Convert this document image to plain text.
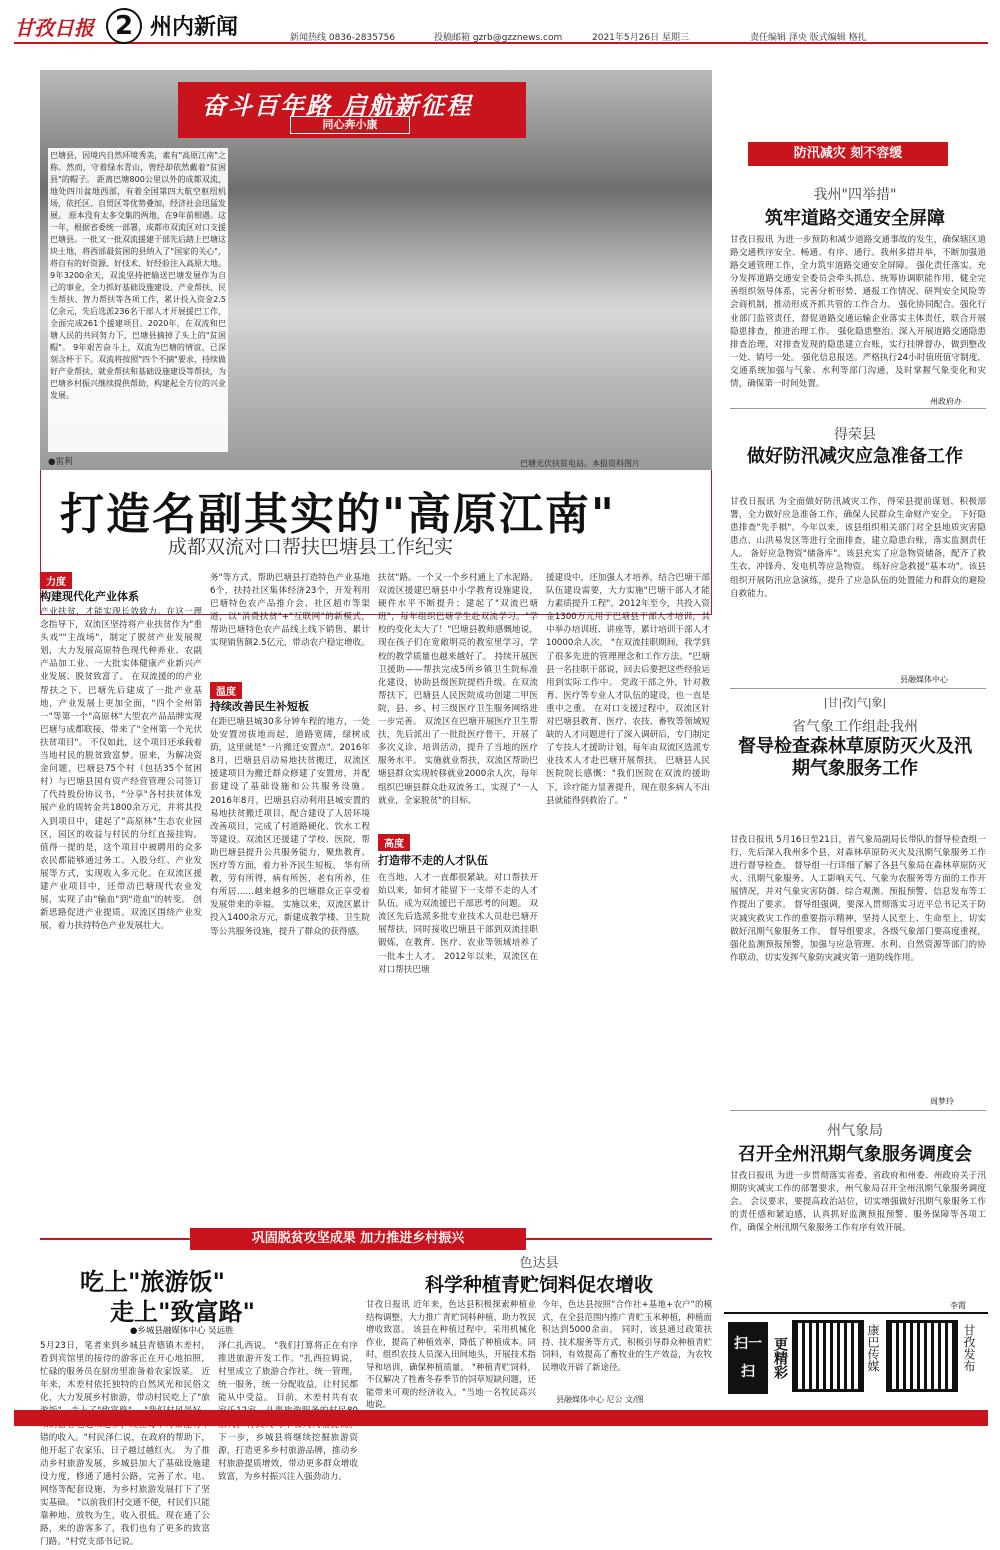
甘孜日报 2 州内新闻	新闻热线 0836-2835756	投稿邮箱 gzrb@gzznews.com	2021年5月26日 星期三	责任编辑 泽央 版式编辑 格扎
奋斗百年路 启航新征程
同心奔小康
巴塘县，因境内自然环境秀美，素有"高原江南"之称。然而，守着绿水青山，曾经却依然戴着"贫困县"的帽子。 距离巴塘800公里以外的成都双流，地处四川盆地西部，有着全国第四大航空枢纽机场，依托区、自贸区等优势叠加，经济社会迅猛发展。 原本没有太多交集的两地，在9年前相遇。这一年，根据省委统一部署，成都市双流区对口支援巴塘县。一批又一批双流援建干部先后踏上巴塘这块土地，将西部最贫困的县纳入了"国家的关心"，将自有的好资源、好技术、好经验注入高原大地。 9年3200余天，双流坚持把输送巴塘发展作为自己的事业，全力抓好基础设施建设、产业帮扶、民生帮扶、智力帮扶等各项工作，累计投入资金2.5亿余元，先后选派236名干部人才开展援巴工作，全面完成261个援建项目。2020年，在双流和巴塘人民的共同努力下，巴塘县摘掉了头上的"贫困帽"。 9年艰苦奋斗上，双流为巴塘的情谊，已深刻含杯于下。双流将按照"四个不摘"要求，持续做好产业帮扶、就业帮扶和基础设施建设等帮扶，为巴塘乡村振兴继续提供帮助，构建起全方位的兴业发展。
●雷利	巴塘光伏扶贫电站。本报资料图片
打造名副其实的"高原江南"
成都双流对口帮扶巴塘县工作纪实
力度
构建现代化产业体系
产业扶贫，才能实现长效致力。在这一理念指导下，双流区坚持将产业扶贫作为"重头戏""主战场"，制定了脱贫产业发展规划，大力发展高原特色现代种养业、农副产品加工业、一大批实体健康产业新兴产业发展、脱贫致富了。 在双流援的的产业帮扶之下，巴塘先后建成了一批产业基地，产业发展上更加全面，"四个全州第一"等第一个"高原林"大型农产品品牌实现巴塘与成都联接，带来了"全州第一个光伏扶贫项目"。 不仅如此，这个项目还承载着当地村民的脱贫致富梦。原来，为解决资金问题，巴塘县75个村（包括35个贫困村）与巴塘县国有资产经营管理公司签订了代持股份协议书，"分享"各村扶贫体发展产业的周转金共1800余万元，并将其投入到项目中，建起了"高原林"生态农业园区，园区的收益与村民的分红直接挂钩。 值得一提的是，这个项目中被聘用的众多农民都能够通过务工、入股分红、产业发展等方式，实现收入多元化。在双流区援建产业项目中，还带动巴塘现代农业发展，实现了由"输血"到"造血"的转变。 创新思路促进产业提质。双流区围绕产业发展，着力扶持特色产业发展壮大。
务"等方式，帮助巴塘县打造特色产业基地6个，扶持社区集体经济23个，开发利用巴塘特色农产品推介会、社区超市等渠道，以"消费扶贫"+"互联网"的新模式，帮助巴塘特色农产品线上线下销售，累计实现销售额2.5亿元，带动农户稳定增收。
温度
持续改善民生补短板
在距巴塘县城30多分钟车程的地方，一处处安置房拔地而起，道路宽阔，绿树成荫，这里就是"一片搬迁安置点"。2016年8月，巴塘县启动易地扶贫搬迁，双流区援建项目为搬迁群众修建了安置房，并配套建设了基础设施和公共服务设施。 2016年8月，巴塘县启动利用县城安置的易地扶贫搬迁项目，配合建设了人居环境改善项目，完成了村道路硬化、饮水工程等建设。双流区还援建了学校、医院，帮助巴塘县提升公共服务能力，聚焦教育、医疗等方面，着力补齐民生短板。 华有所教，劳有所得，病有所医，老有所养，住有所居……越来越多的巴塘群众正享受着发展带来的幸福。 实施以来，双流区累计投入1400余万元，新建成教学楼、卫生院等公共服务设施，提升了群众的获得感。
扶贫"路。一个又一个乡村通上了水泥路。 双流区援建巴塘县中小学教育设施建设，硬件水平不断提升；建起了"双流巴塘班"，每年组织巴塘学生赴双流学习。"学校的变化太大了！"巴塘县教师感慨地说，现在孩子们在宽敞明亮的教室里学习，学校的教学质量也越来越好了。 持续开展医卫援助——帮扶完成5所乡镇卫生院标准化建设，协助县级医院提档升级。在双流帮扶下，巴塘县人民医院成功创建二甲医院，县、乡、村三级医疗卫生服务网络进一步完善。 双流区在巴塘开展医疗卫生帮扶，先后派出了一批批医疗骨干，开展了多次义诊、培训活动，提升了当地的医疗服务水平。 实施就业帮扶，双流区帮助巴塘县群众实现转移就业2000余人次，每年组织巴塘县群众赴双流务工，实现了"一人就业，全家脱贫"的目标。
高度
打造带不走的人才队伍
在当地，人才一直都很紧缺。对口帮扶开始以来，如何才能留下一支带不走的人才队伍，成为双流援巴干部思考的问题。 双流区先后选派多批专业技术人员赴巴塘开展帮扶，同时接收巴塘县干部到双流挂职锻炼，在教育、医疗、农业等领域培养了一批本土人才。 2012年以来，双流区在对口帮扶巴塘
援建设中，还加强人才培养，结合巴塘干部队伍建设需要，大力实施"巴塘干部人才能力素质提升工程"。2012年至今，共投入资金1300万元用于巴塘县干部人才培训，其中举办培训班、讲座等，累计培训干部人才10000余人次。 "在双流挂职期间，我学到了很多先进的管理理念和工作方法。"巴塘县一名挂职干部说，回去后要把这些经验运用到实际工作中。 党政干部之外，针对教育、医疗等专业人才队伍的建设，也一直是重中之重。 在对口支援过程中，双流区针对巴塘县教育、医疗、农技、畜牧等领域短缺的人才问题进行了深入调研后，专门制定了专技人才援助计划，每年由双流区选派专业技术人才赴巴塘开展帮扶。 巴塘县人民医院院长感慨："我们医院在双流的援助下，诊疗能力显著提升，现在很多病人不出县就能得到救治了。"
防汛减灾 刻不容缓
我州"四举措"
筑牢道路交通安全屏障
甘孜日报讯 为进一步预防和减少道路交通事故的发生，确保辖区道路交通秩序安全、畅通、有序、通行。我州多措并举，不断加强道路交通管理工作，全力筑牢道路交通安全屏障。 强化责任落实。充分发挥道路交通安全委员会牵头抓总、统筹协调职能作用，健全完善组织领导体系，完善分析形势、通报工作情况、研判安全风险等会商机制，推动形成齐抓共管的工作合力。 强化协同配合。强化行业部门监管责任，督促道路交通运输企业落实主体责任，联合开展隐患排查，推进治理工作。 强化隐患整治。深入开展道路交通隐患排查治理，对排查发现的隐患建立台账，实行挂牌督办，做到整改一处、销号一处。 强化信息报送。严格执行24小时值班值守制度，交通系统加强与气象、水利等部门沟通，及时掌握气象变化和灾情，确保第一时间处置。
州政府办
得荣县
做好防汛减灾应急准备工作
甘孜日报讯 为全面做好防汛减灾工作，得荣县提前谋划、积极部署，全力做好应急准备工作，确保人民群众生命财产安全。 下好隐患排查"先手棋"。今年以来，该县组织相关部门对全县地质灾害隐患点、山洪易发区等进行全面排查，建立隐患台账，落实监测责任人。 备好应急物资"储备库"。该县充实了应急物资储备，配齐了救生衣、冲锋舟、发电机等应急物资。 练好应急救援"基本功"。该县组织开展防汛应急演练，提升了应急队伍的处置能力和群众的避险自救能力。
县融媒体中心
|甘|孜|气|象|
省气象工作组赴我州
督导检查森林草原防灭火及汛期气象服务工作
甘孜日报讯 5月16日至21日，省气象局副局长带队的督导检查组一行，先后深入我州多个县，对森林草原防灭火及汛期气象服务工作进行督导检查。 督导组一行详细了解了各县气象局在森林草原防灭火、汛期气象服务、人工影响天气、气象为农服务等方面的工作开展情况，并对气象灾害防御、综合观测、预报预警、信息发布等工作提出了要求。 督导组强调，要深入贯彻落实习近平总书记关于防灾减灾救灾工作的重要指示精神，坚持人民至上、生命至上，切实做好汛期气象服务工作。 督导组要求，各级气象部门要高度重视，强化监测预报预警，加强与应急管理、水利、自然资源等部门的协作联动，切实发挥气象防灾减灾第一道防线作用。
周梦玲
州气象局
召开全州汛期气象服务调度会
甘孜日报讯 为进一步贯彻落实省委、省政府和州委、州政府关于汛期防灾减灾工作的部署要求，州气象局召开全州汛期气象服务调度会。 会议要求，要提高政治站位，切实增强做好汛期气象服务工作的责任感和紧迫感，认真抓好监测预报预警、服务保障等各项工作，确保全州汛期气象服务工作有序有效开展。
李霞
扫一扫	更精彩	康巴传媒	甘孜发布
巩固脱贫攻坚成果 加力推进乡村振兴
吃上"旅游饭"
走上"致富路"
●乡城县融媒体中心 吴远胜
5月23日，笔者来到乡城县青德镇木差村，看到宾馆里的接待的游客正在开心地拍照，忙碌的服务员在厨房里准备着农家饭菜。 近年来，木差村依托独特的自然风光和民俗文化，大力发展乡村旅游，带动村民吃上了"旅 错的收入。"村民泽仁说，在政府的帮助下，他开起了农家乐，日子越过越红火。 为了推动乡村旅游发展，乡城县加大了基础设施建设力度，修通了通村公路，完善了水、电、网络等配套设施，为乡村旅游发展打下了坚实基础。 "以前我们村交通不便，村民们只能靠种地、放牧为生，收入很低。现在通了公路，来的游客多了，我们也有了更多的致富门路。"村党支部书记说。
泽仁扎西说。 "我们打算将正在有序推进旅游开发工作。"扎西拉姆说，村里成立了旅游合作社，统一管理，统一服务，统一分配收益，让村民都能从中受益。 目前，木差村共有农 下一步，乡城县将继续挖掘旅游资源，打造更多乡村旅游品牌，推动乡村旅游提质增效，带动更多群众增收致富，为乡村振兴注入强劲动力。
色达县
科学种植青贮饲料促农增收
甘孜日报讯 近年来，色达县积极探索种植业结构调整，大力推广青贮饲料种植，助力牧民增收致富。 该县在种植过程中，采用机械化作业，提高了种植效率，降低了种植成本。同时，组织农技人员深入田间地头，开展技术指导和培训，确保种植质量。 "种植青贮饲料，不仅解决了牲畜冬春季节的饲草短缺问题，还能带来可观的经济收入。"当地一名牧民高兴地说。
今年，色达县按照"合作社+基地+农户"的模式，在全县范围内推广青贮玉米种植，种植面积达到5000余亩。 同时，该县通过政策扶持、技术服务等方式，积极引导群众种植青贮饲料，有效提高了畜牧业的生产效益，为农牧民增收开辟了新途径。
县融媒体中心 尼公 文/图
